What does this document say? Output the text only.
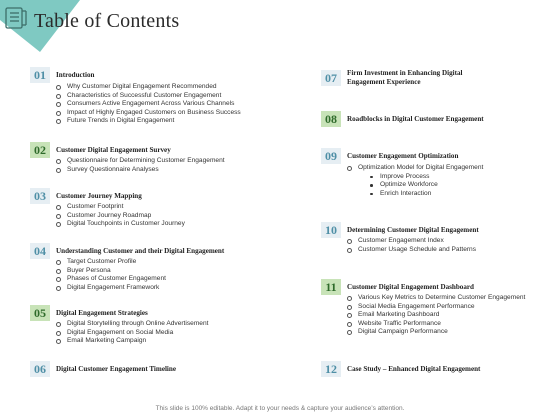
Table of Contents
01	Introduction
Why Customer Digital Engagement Recommended
Characteristics of Successful Customer Engagement
Consumers Active Engagement Across Various Channels
Impact of Highly Engaged Customers on Business Success
Future Trends in Digital Engagement
02	Customer Digital Engagement Survey
Questionnaire for Determining Customer Engagement
Survey Questionnaire Analyses
03	Customer Journey Mapping
Customer Footprint
Customer Journey Roadmap
Digital Touchpoints in Customer Journey
04	Understanding Customer and their Digital Engagement
Target Customer Profile
Buyer Persona
Phases of Customer Engagement
Digital Engagement Framework
05	Digital Engagement Strategies
Digital Storytelling through Online Advertisement
Digital Engagement on Social Media
Email Marketing Campaign
06	Digital Customer Engagement Timeline
07	Firm Investment in Enhancing Digital
Engagement Experience
08	Roadblocks in Digital Customer Engagement
09	Customer Engagement Optimization
Optimization Model for Digital Engagement
Improve Process
Optimize Workforce
Enrich Interaction
10	Determining Customer Digital Engagement
Customer Engagement Index
Customer Usage Schedule and Patterns
11	Customer Digital Engagement Dashboard
Various Key Metrics to Determine Customer Engagement
Social Media Engagement Performance
Email Marketing Dashboard
Website Traffic Performance
Digital Campaign Performance
12	Case Study – Enhanced Digital Engagement
This slide is 100% editable. Adapt it to your needs & capture your audience’s attention.
